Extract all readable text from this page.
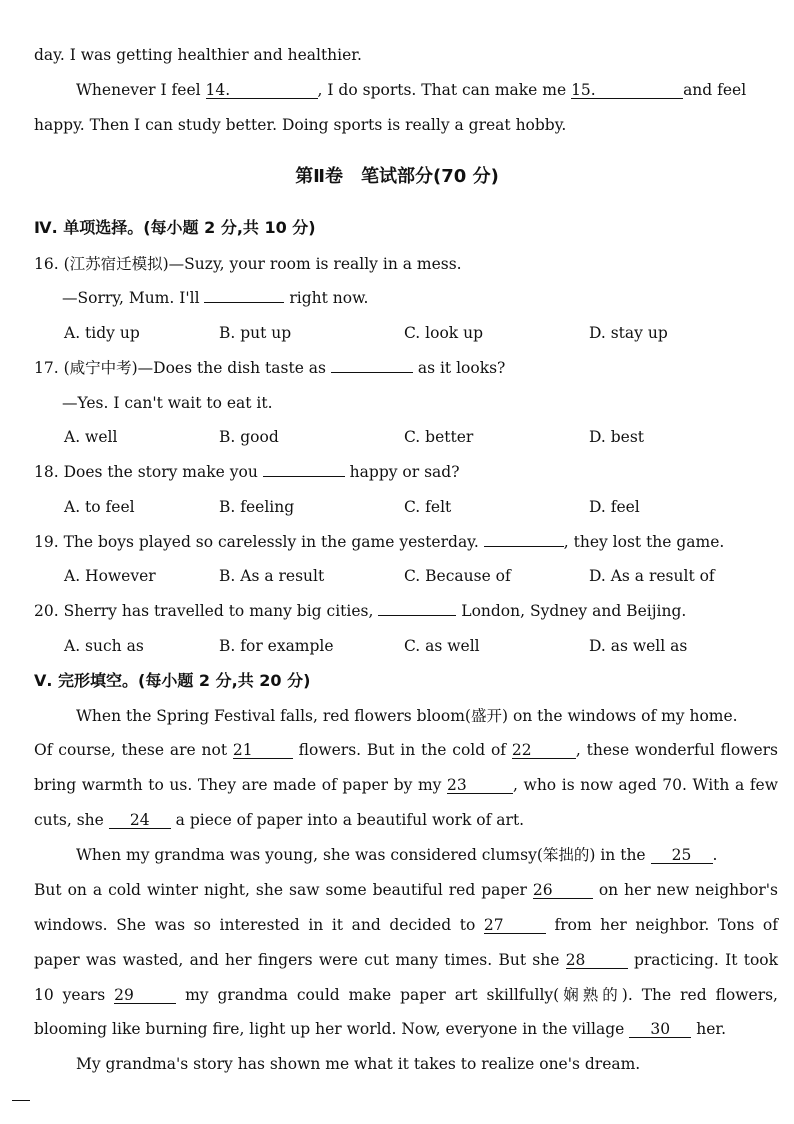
day. I was getting healthier and healthier.
Whenever I feel 14.	, I do sports. That can make me 15.	and feel
happy. Then I can study better. Doing sports is really a great hobby.
第Ⅱ卷　笔试部分(70 分)
Ⅳ. 单项选择。(每小题 2 分,共 10 分)
16. (江苏宿迁模拟)—Suzy, your room is really in a mess.
—Sorry, Mum. I'll	right now.
A. tidy up	B. put up	C. look up	D. stay up
17. (咸宁中考)—Does the dish taste as	as it looks?
—Yes. I can't wait to eat it.
A. well	B. good	C. better	D. best
18. Does the story make you	happy or sad?
A. to feel	B. feeling	C. felt	D. feel
19. The boys played so carelessly in the game yesterday.	, they lost the game.
A. However	B. As a result	C. Because of	D. As a result of
20. Sherry has travelled to many big cities,	London, Sydney and Beijing.
A. such as	B. for example	C. as well	D. as well as
Ⅴ. 完形填空。(每小题 2 分,共 20 分)
When the Spring Festival falls, red flowers bloom(盛开) on the windows of my home.
Of course, these are not 21	flowers. But in the cold of 22	, these wonderful flowers
bring warmth to us. They are made of paper by my 23	, who is now aged 70. With a few
cuts, she 24 a piece of paper into a beautiful work of art.
When my grandma was young, she was considered clumsy(笨拙的) in the 25 .
But on a cold winter night, she saw some beautiful red paper 26	on her new neighbor's
windows. She was so interested in it and decided to 27	from her neighbor. Tons of
paper was wasted, and her fingers were cut many times. But she 28	practicing. It took
10 years 29	my grandma could make paper art skillfully(娴熟的). The red flowers,
blooming like burning fire, light up her world. Now, everyone in the village 30 her.
My grandma's story has shown me what it takes to realize one's dream.
